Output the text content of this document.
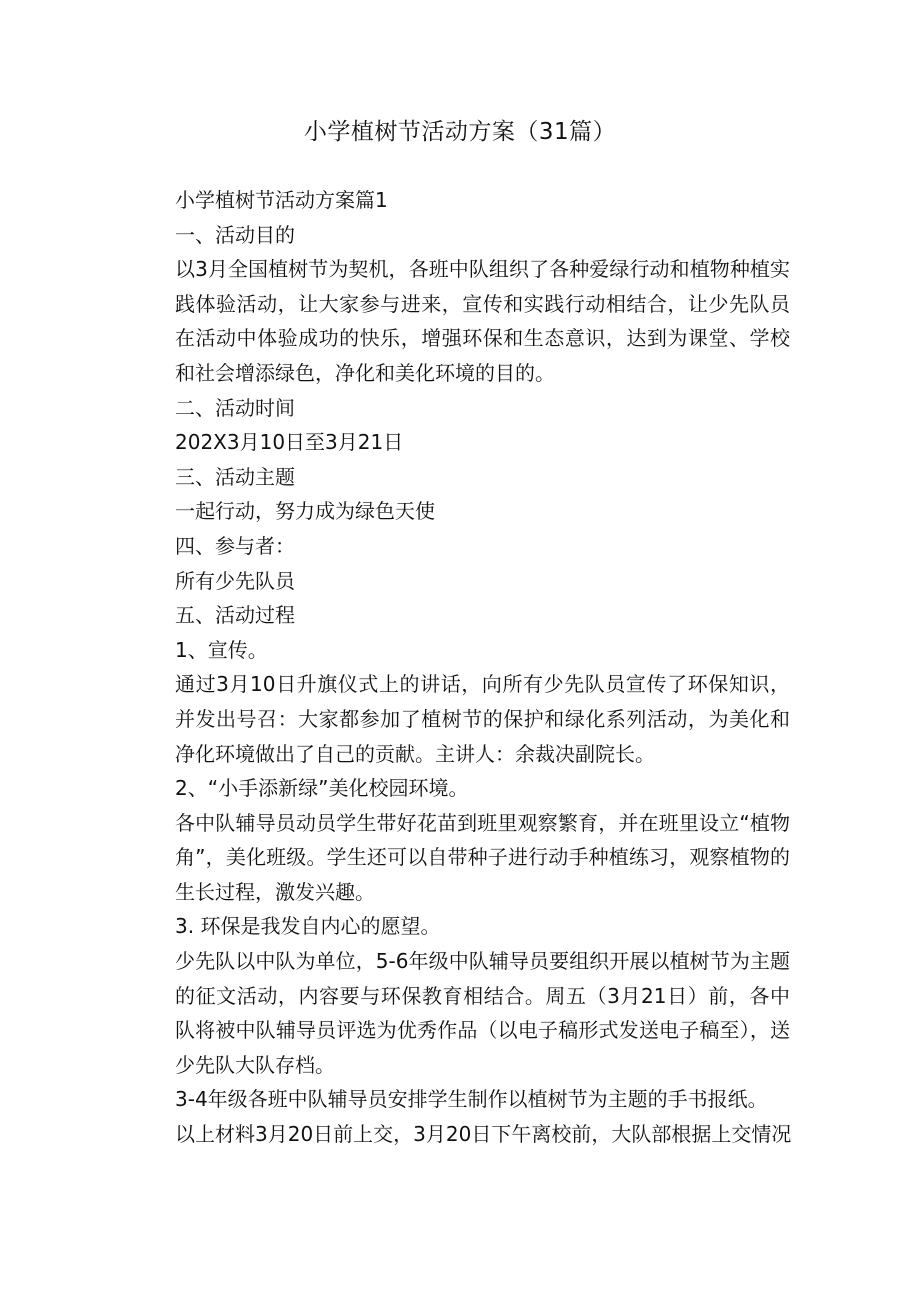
小学植树节活动方案（31篇）

小学植树节活动方案篇1

一、活动目的

以3月全国植树节为契机，各班中队组织了各种爱绿行动和植物种植实践体验活动，让大家参与进来，宣传和实践行动相结合，让少先队员在活动中体验成功的快乐，增强环保和生态意识，达到为课堂、学校和社会增添绿色，净化和美化环境的目的。

二、活动时间

202X3月10日至3月21日

三、活动主题

一起行动，努力成为绿色天使

四、参与者：

所有少先队员

五、活动过程

1、宣传。

通过3月10日升旗仪式上的讲话，向所有少先队员宣传了环保知识，并发出号召：大家都参加了植树节的保护和绿化系列活动，为美化和净化环境做出了自己的贡献。主讲人：余裁决副院长。

2、“小手添新绿”美化校园环境。

各中队辅导员动员学生带好花苗到班里观察繁育，并在班里设立“植物角”，美化班级。学生还可以自带种子进行动手种植练习，观察植物的生长过程，激发兴趣。

3. 环保是我发自内心的愿望。

少先队以中队为单位，5-6年级中队辅导员要组织开展以植树节为主题的征文活动，内容要与环保教育相结合。周五（3月21日）前，各中队将被中队辅导员评选为优秀作品（以电子稿形式发送电子稿至），送少先队大队存档。

3-4年级各班中队辅导员安排学生制作以植树节为主题的手书报纸。

以上材料3月20日前上交，3月20日下午离校前，大队部根据上交情况
